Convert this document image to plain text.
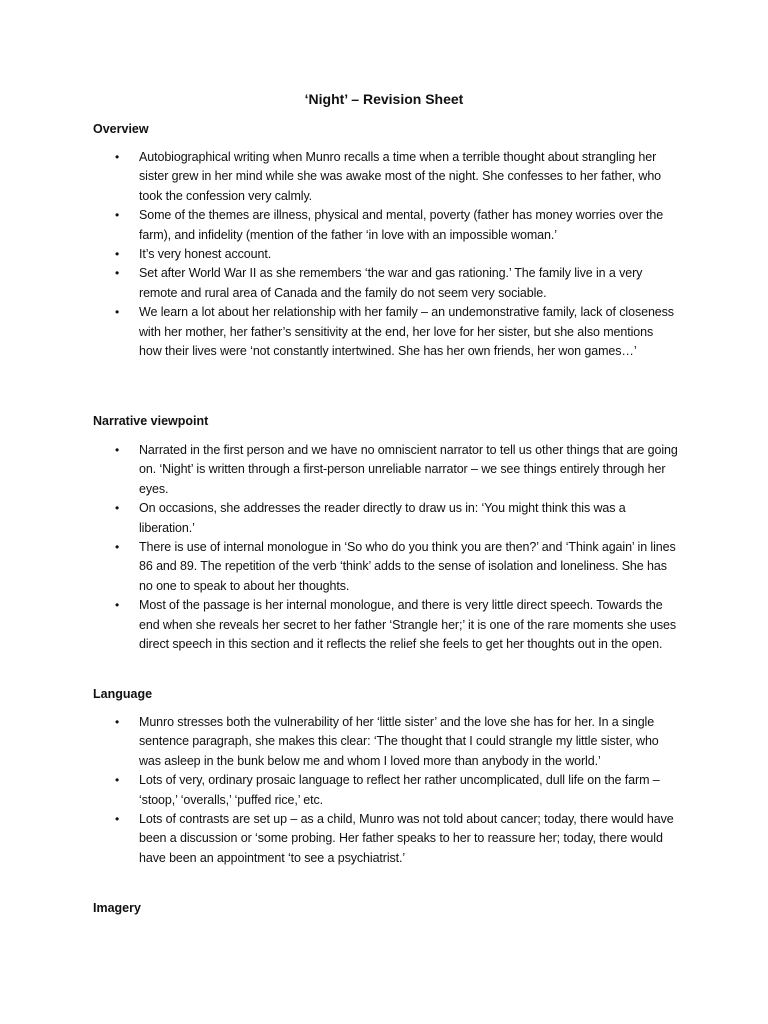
‘Night’ – Revision Sheet
Overview
• Autobiographical writing when Munro recalls a time when a terrible thought about strangling her sister grew in her mind while she was awake most of the night. She confesses to her father, who took the confession very calmly.
• Some of the themes are illness, physical and mental, poverty (father has money worries over the farm), and infidelity (mention of the father ‘in love with an impossible woman.’
• It’s very honest account.
• Set after World War II as she remembers ‘the war and gas rationing.’ The family live in a very remote and rural area of Canada and the family do not seem very sociable.
• We learn a lot about her relationship with her family – an undemonstrative family, lack of closeness with her mother, her father’s sensitivity at the end, her love for her sister, but she also mentions how their lives were ‘not constantly intertwined. She has her own friends, her won games…’
Narrative viewpoint
• Narrated in the first person and we have no omniscient narrator to tell us other things that are going on. ‘Night’ is written through a first-person unreliable narrator – we see things entirely through her eyes.
• On occasions, she addresses the reader directly to draw us in: ‘You might think this was a liberation.’
• There is use of internal monologue in ‘So who do you think you are then?’ and ‘Think again’ in lines 86 and 89. The repetition of the verb ‘think’ adds to the sense of isolation and loneliness. She has no one to speak to about her thoughts.
• Most of the passage is her internal monologue, and there is very little direct speech. Towards the end when she reveals her secret to her father ‘Strangle her;’ it is one of the rare moments she uses direct speech in this section and it reflects the relief she feels to get her thoughts out in the open.
Language
• Munro stresses both the vulnerability of her ‘little sister’ and the love she has for her. In a single sentence paragraph, she makes this clear: ‘The thought that I could strangle my little sister, who was asleep in the bunk below me and whom I loved more than anybody in the world.’
• Lots of very, ordinary prosaic language to reflect her rather uncomplicated, dull life on the farm – ‘stoop,’ ‘overalls,’ ‘puffed rice,’ etc.
• Lots of contrasts are set up – as a child, Munro was not told about cancer; today, there would have been a discussion or ‘some probing. Her father speaks to her to reassure her; today, there would have been an appointment ‘to see a psychiatrist.’
Imagery
